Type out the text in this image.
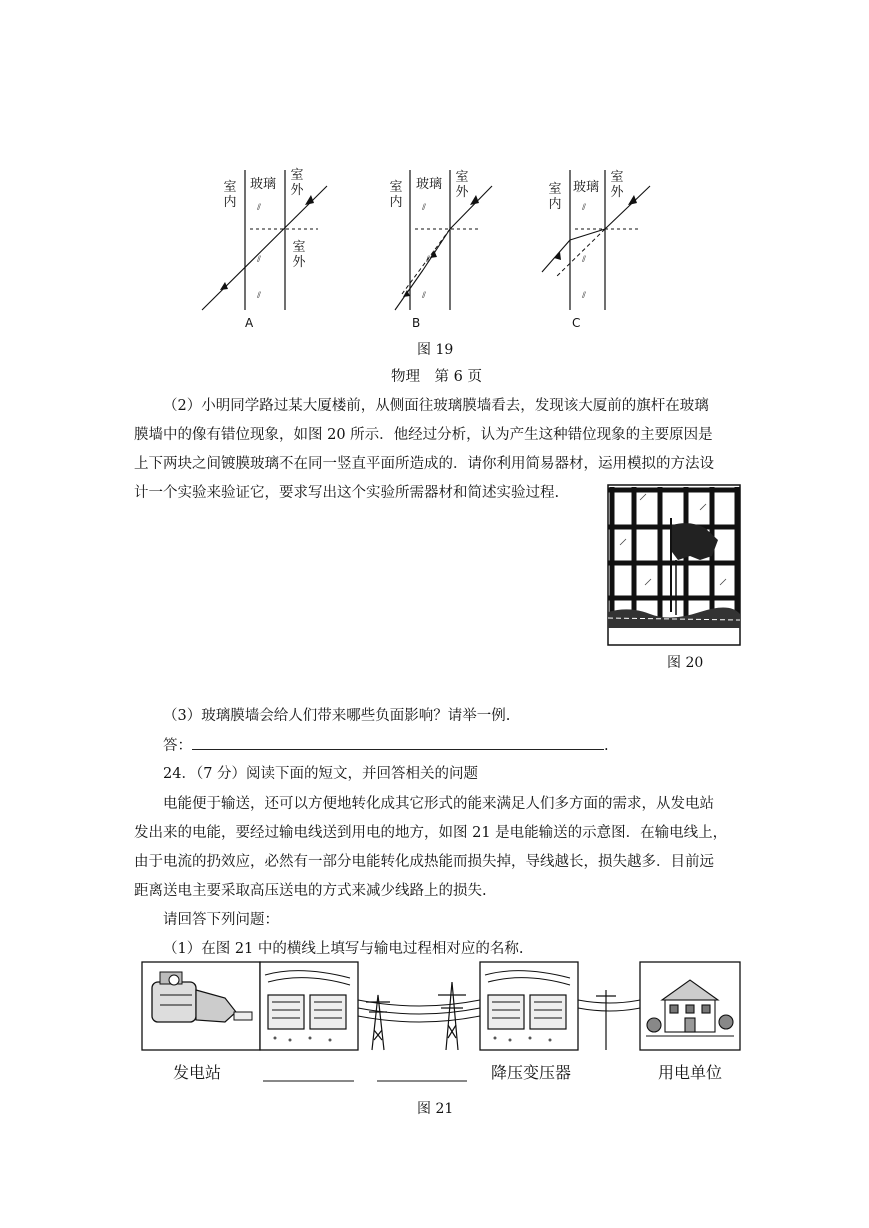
⫽
⫽
⫽
⫽
⫽
⫽
⫽
⫽
⫽
室内
玻璃
室外
室外
A
室内
玻璃 室外
B
室内
玻璃
室外
C
图 19
物理　第 6 页
（2）小明同学路过某大厦楼前，从侧面往玻璃膜墙看去，发现该大厦前的旗杆在玻璃
膜墙中的像有错位现象，如图 20 所示．他经过分析，认为产生这种错位现象的主要原因是
上下两块之间镀膜玻璃不在同一竖直平面所造成的．请你利用简易器材，运用模拟的方法设
计一个实验来验证它，要求写出这个实验所需器材和简述实验过程.
图 20
（3）玻璃膜墙会给人们带来哪些负面影响？请举一例.
答：	.
24．（7 分）阅读下面的短文，并回答相关的问题
电能便于输送，还可以方便地转化成其它形式的能来满足人们多方面的需求，从发电站
发出来的电能，要经过输电线送到用电的地方，如图 21 是电能输送的示意图．在输电线上，
由于电流的扔效应，必然有一部分电能转化成热能而损失掉，导线越长，损失越多．目前远
距离送电主要采取高压送电的方式来减少线路上的损失.
请回答下列问题：
（1）在图 21 中的横线上填写与输电过程相对应的名称.
发电站	降压变压器	用电单位
图 21
